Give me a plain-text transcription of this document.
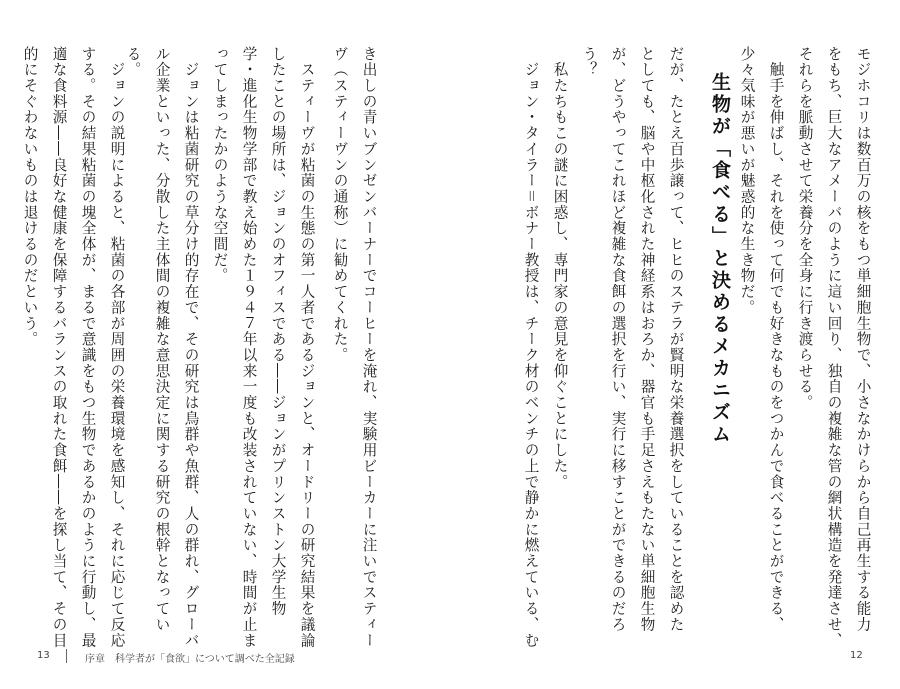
モジホコリは数百万の核をもつ単細胞生物で、小さなかけらから自己再生する能力
をもち、巨大なアメーバのように這い回り、独自の複雑な管の網状構造を発達させ、
それらを脈動させて栄養分を全身に行き渡らせる。
　触手を伸ばし、それを使って何でも好きなものをつかんで食べることができる、
少々気味が悪いが魅惑的な生き物だ。
生物が「食べる」と決めるメカニズム
だが、たとえ百歩譲って、ヒヒのステラが賢明な栄養選択をしていることを認めた
としても、脳や中枢化された神経系はおろか、器官も手足さえもたない単細胞生物
が、どうやってこれほど複雑な食餌の選択を行い、実行に移すことができるのだろ
う？
　私たちもこの謎に困惑し、専門家の意見を仰ぐことにした。
　ジョン・タイラー＝ボナー教授は、チーク材のベンチの上で静かに燃えている、む
12
き出しの青いブンゼンバーナーでコーヒーを淹れ、実験用ビーカーに注いでスティー
ヴ（スティーヴンの通称）に勧めてくれた。
　スティーヴが粘菌の生態の第一人者であるジョンと、オードリーの研究結果を議論
したことの場所は、ジョンのオフィスである――ジョンがプリンストン大学生物
学・進化生物学部で教え始めた１９４７年以来一度も改装されていない、時間が止ま
ってしまったかのような空間だ。
　ジョンは粘菌研究の草分け的存在で、その研究は鳥群や魚群、人の群れ、グローバ
ル企業といった、分散した主体間の複雑な意思決定に関する研究の根幹となってい
る。
　ジョンの説明によると、粘菌の各部が周囲の栄養環境を感知し、それに応じて反応
する。その結果粘菌の塊全体が、まるで意識をもつ生物であるかのように行動し、最
適な食料源――良好な健康を保障するバランスの取れた食餌――を探し当て、その目
的にそぐわないものは退けるのだという。
13	序章　科学者が「食欲」について調べた全記録
